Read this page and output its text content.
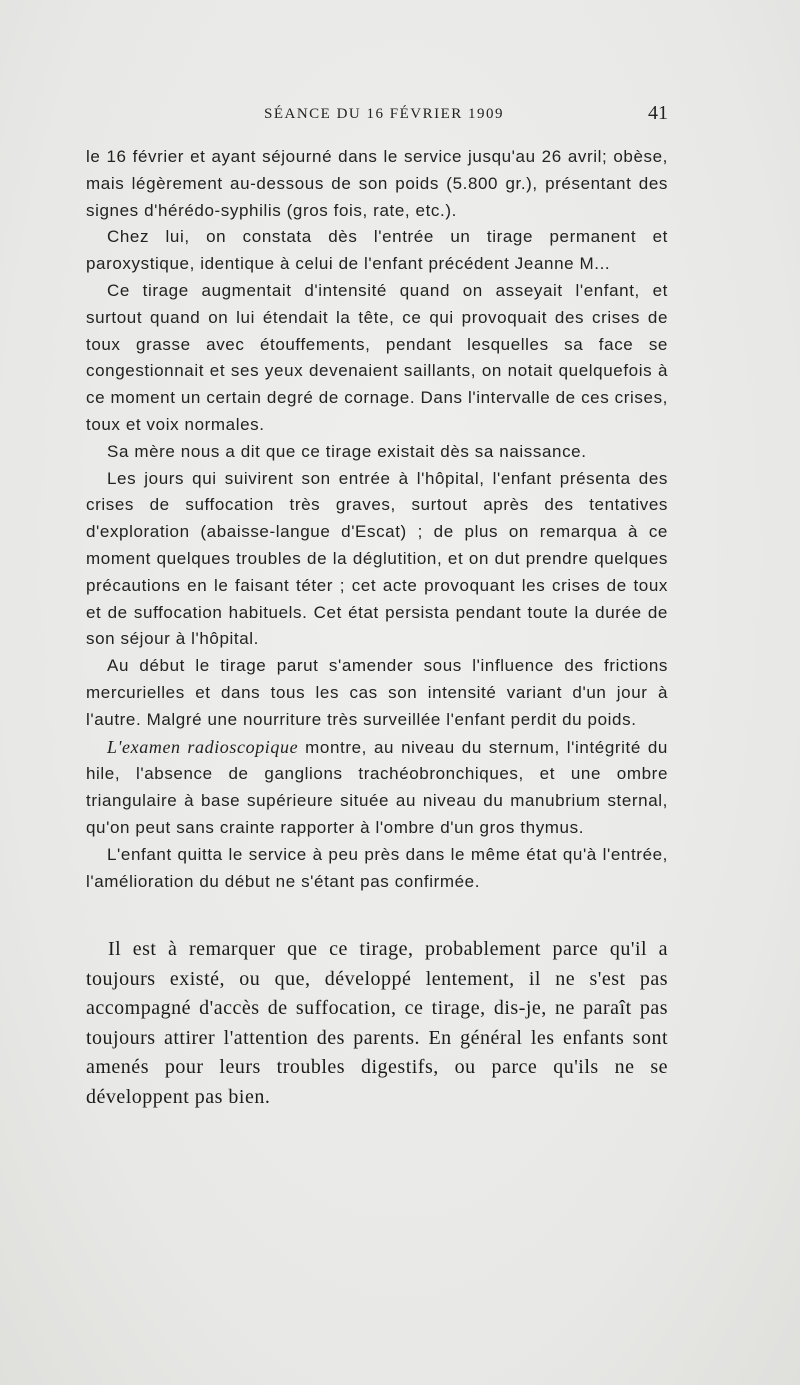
SÉANCE DU 16 FÉVRIER 1909	41

le 16 février et ayant séjourné dans le service jusqu'au 26 avril; obèse, mais légèrement au-dessous de son poids (5.800 gr.), présentant des signes d'hérédo-syphilis (gros fois, rate, etc.).

Chez lui, on constata dès l'entrée un tirage permanent et paroxystique, identique à celui de l'enfant précédent Jeanne M...

Ce tirage augmentait d'intensité quand on asseyait l'enfant, et surtout quand on lui étendait la tête, ce qui provoquait des crises de toux grasse avec étouffements, pendant lesquelles sa face se congestionnait et ses yeux devenaient saillants, on notait quelquefois à ce moment un certain degré de cornage. Dans l'intervalle de ces crises, toux et voix normales.

Sa mère nous a dit que ce tirage existait dès sa naissance.

Les jours qui suivirent son entrée à l'hôpital, l'enfant présenta des crises de suffocation très graves, surtout après des tentatives d'exploration (abaisse-langue d'Escat) ; de plus on remarqua à ce moment quelques troubles de la déglutition, et on dut prendre quelques précautions en le faisant téter ; cet acte provoquant les crises de toux et de suffocation habituels. Cet état persista pendant toute la durée de son séjour à l'hôpital.

Au début le tirage parut s'amender sous l'influence des frictions mercurielles et dans tous les cas son intensité variant d'un jour à l'autre. Malgré une nourriture très surveillée l'enfant perdit du poids.

L'examen radioscopique montre, au niveau du sternum, l'intégrité du hile, l'absence de ganglions trachéobronchiques, et une ombre triangulaire à base supérieure située au niveau du manubrium sternal, qu'on peut sans crainte rapporter à l'ombre d'un gros thymus.

L'enfant quitta le service à peu près dans le même état qu'à l'entrée, l'amélioration du début ne s'étant pas confirmée.

Il est à remarquer que ce tirage, probablement parce qu'il a toujours existé, ou que, développé lentement, il ne s'est pas accompagné d'accès de suffocation, ce tirage, dis-je, ne paraît pas toujours attirer l'attention des parents. En général les enfants sont amenés pour leurs troubles digestifs, ou parce qu'ils ne se développent pas bien.
